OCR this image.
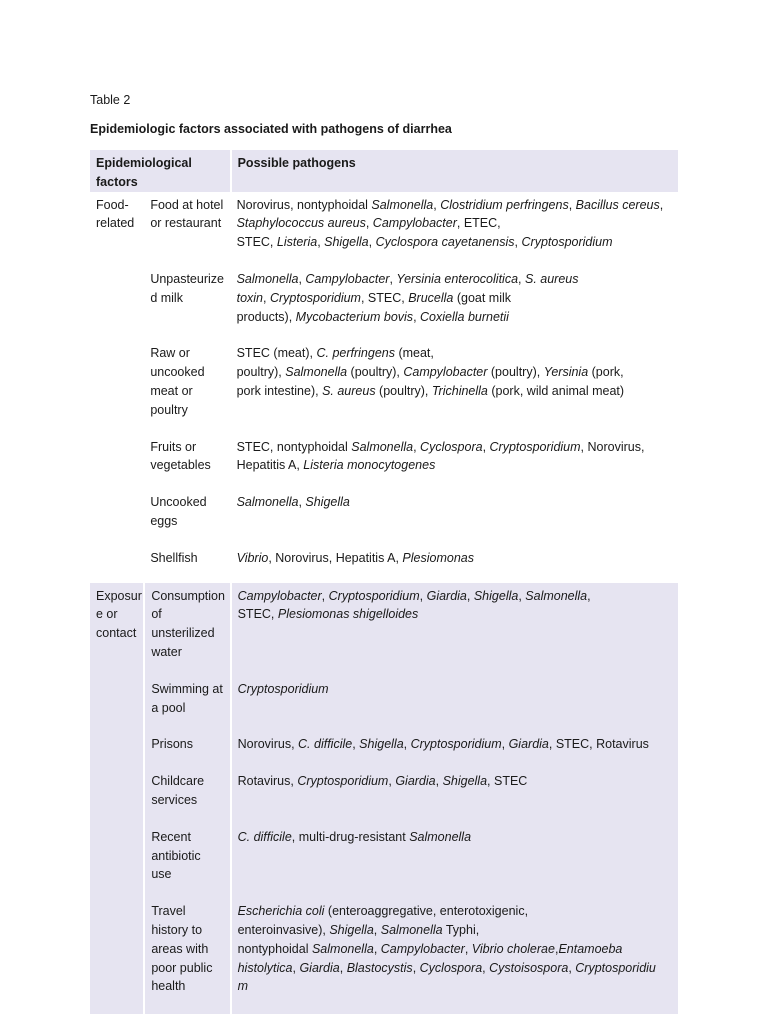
Table 2
Epidemiologic factors associated with pathogens of diarrhea
Epidemiological factors		Possible pathogens
Food-
related	Food at hotel or restaurant	Norovirus, nontyphoidal Salmonella, Clostridium perfringens, Bacillus cereus, Staphylococcus aureus, Campylobacter, ETEC,
STEC, Listeria, Shigella, Cyclospora cayetanensis, Cryptosporidium
	Unpasteurize
d milk	Salmonella, Campylobacter, Yersinia enterocolitica, S. aureus
toxin, Cryptosporidium, STEC, Brucella (goat milk
products), Mycobacterium bovis, Coxiella burnetii
	Raw or uncooked meat or poultry	STEC (meat), C. perfringens (meat,
poultry), Salmonella (poultry), Campylobacter (poultry), Yersinia (pork,
pork intestine), S. aureus (poultry), Trichinella (pork, wild animal meat)
	Fruits or vegetables	STEC, nontyphoidal Salmonella, Cyclospora, Cryptosporidium, Norovirus,
Hepatitis A, Listeria monocytogenes
	Uncooked eggs	Salmonella, Shigella
	Shellfish	Vibrio, Norovirus, Hepatitis A, Plesiomonas
Exposur
e or
contact	Consumption of unsterilized water	Campylobacter, Cryptosporidium, Giardia, Shigella, Salmonella,
STEC, Plesiomonas shigelloides
	Swimming at a pool	Cryptosporidium
	Prisons	Norovirus, C. difficile, Shigella, Cryptosporidium, Giardia, STEC, Rotavirus
	Childcare services	Rotavirus, Cryptosporidium, Giardia, Shigella, STEC
	Recent antibiotic use	C. difficile, multi-drug-resistant Salmonella
	Travel history to areas with poor public health	Escherichia coli (enteroaggregative, enterotoxigenic,
enteroinvasive), Shigella, Salmonella Typhi,
nontyphoidal Salmonella, Campylobacter, Vibrio cholerae,Entamoeba
histolytica, Giardia, Blastocystis, Cyclospora, Cystoisospora, Cryptosporidiu
m
